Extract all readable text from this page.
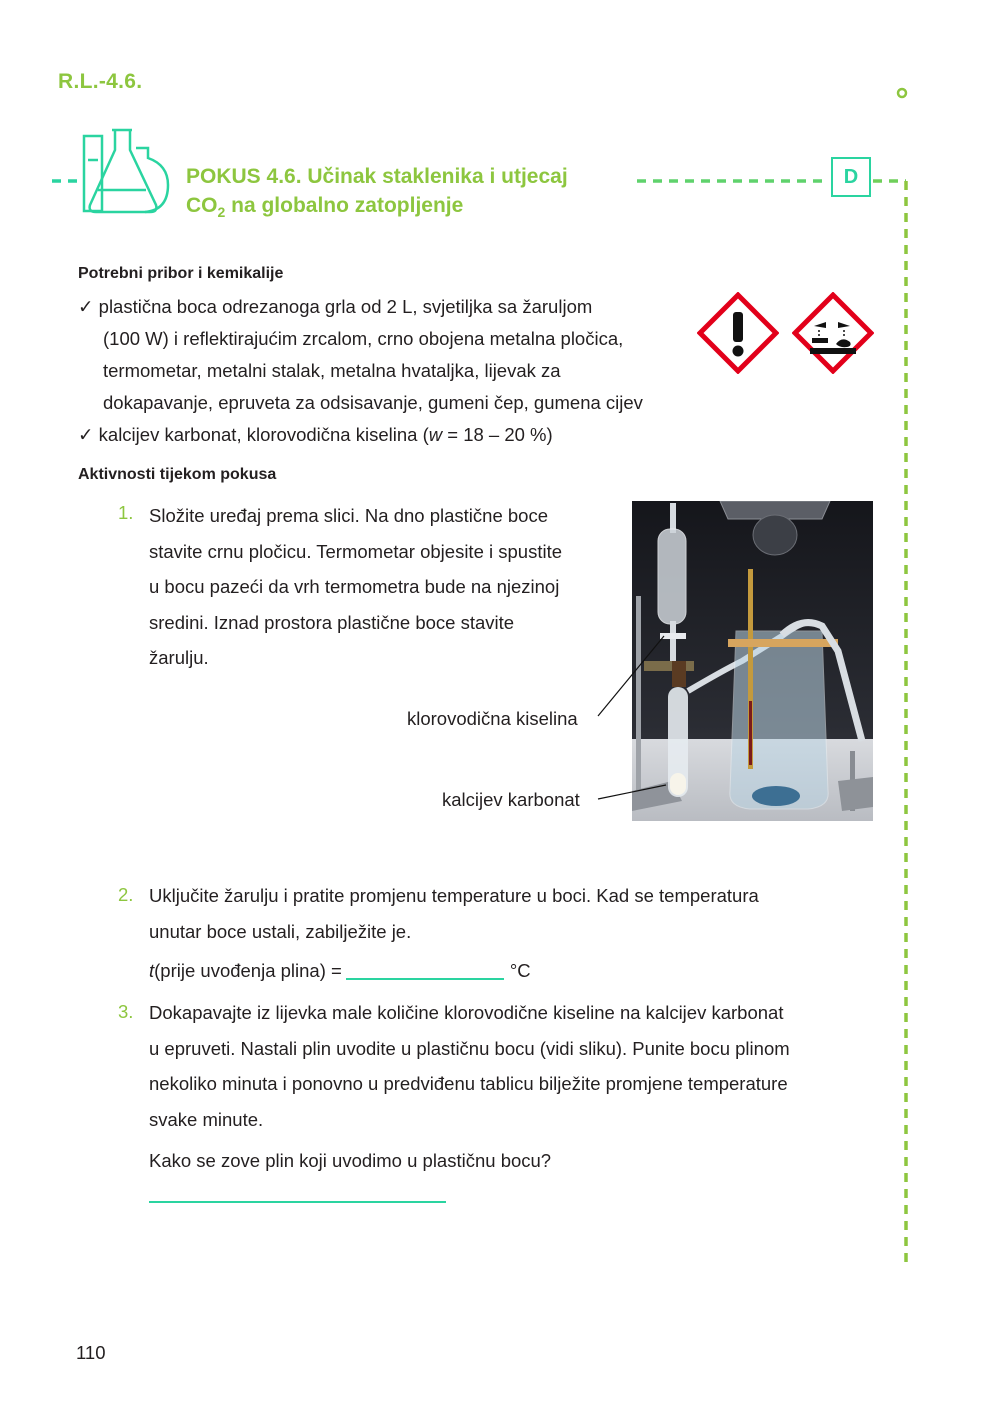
R.L.-4.6.
POKUS 4.6. Učinak staklenika i utjecaj
$CO_2$ na globalno zatopljenje
D
Potrebni pribor i kemikalije
✓ plastična boca odrezanoga grla od 2 L, svjetiljka sa žaruljom
(100 W) i reflektirajućim zrcalom, crno obojena metalna pločica,
termometar, metalni stalak, metalna hvataljka, lijevak za
dokapavanje, epruveta za odsisavanje, gumeni čep, gumena cijev
✓ kalcijev karbonat, klorovodična kiselina (w = 18 – 20 %)
Aktivnosti tijekom pokusa
1. Složite uređaj prema slici. Na dno plastične boce
stavite crnu pločicu. Termometar objesite i spustite
u bocu pazeći da vrh termometra bude na njezinoj
sredini. Iznad prostora plastične boce stavite
žarulju.
klorovodična kiselina
kalcijev karbonat
2. Uključite žarulju i pratite promjenu temperature u boci. Kad se temperatura
unutar boce ustali, zabilježite je.
t(prije uvođenja plina) =	°C
3. Dokapavajte iz lijevka male količine klorovodične kiseline na kalcijev karbonat
u epruveti. Nastali plin uvodite u plastičnu bocu (vidi sliku). Punite bocu plinom
nekoliko minuta i ponovno u predviđenu tablicu bilježite promjene temperature
svake minute.
Kako se zove plin koji uvodimo u plastičnu bocu?
110
